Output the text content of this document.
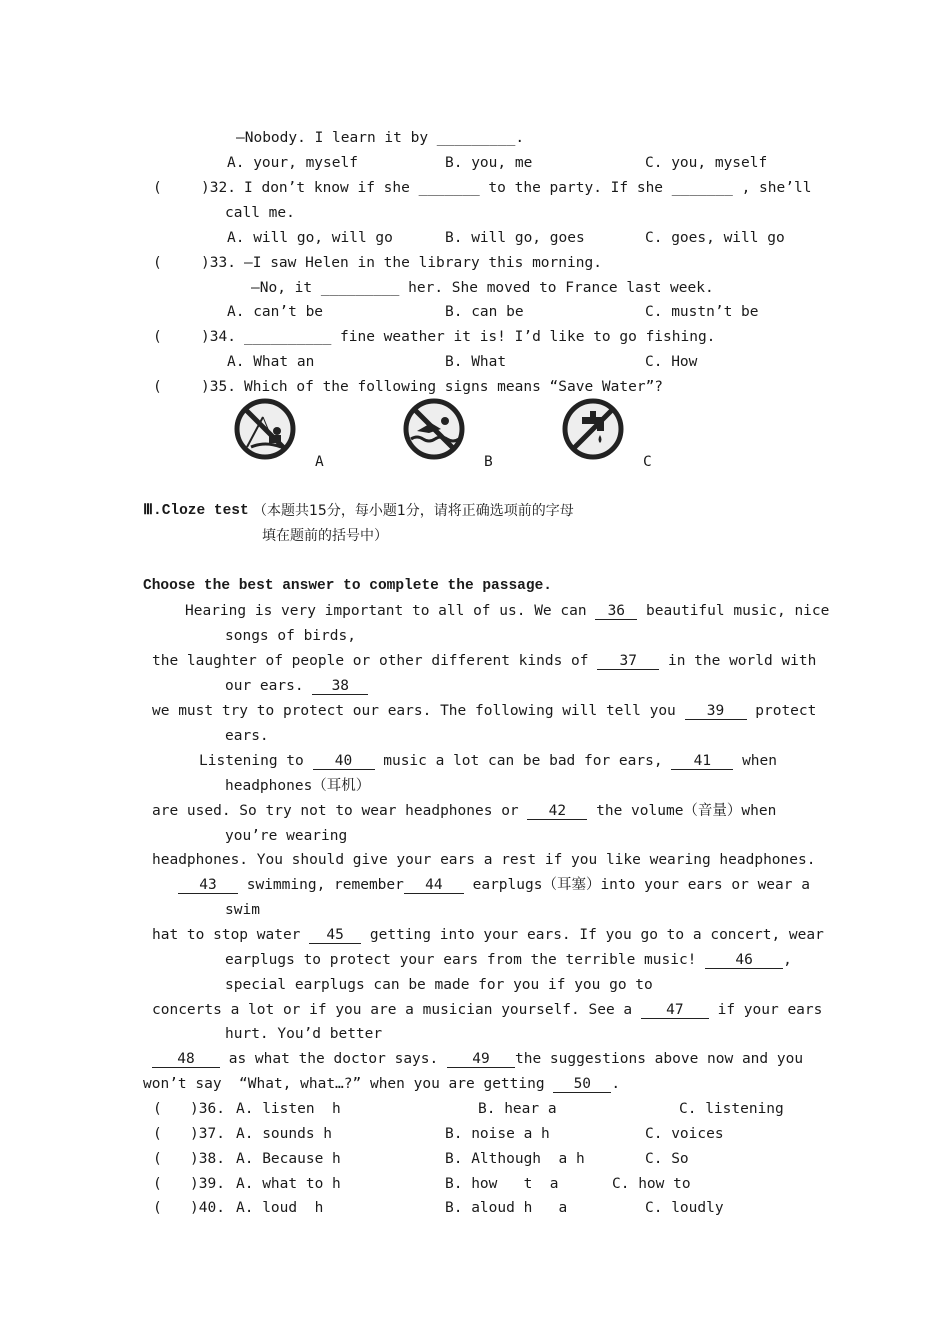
—Nobody. I learn it by _________.
A. your, myself	B. you, me	C. you, myself
(	)32. I don’t know if she _______ to the party. If she _______ , she’ll
call me.
A. will go, will go	B. will go, goes	C. goes, will go
(	)33. —I saw Helen in the library this morning.
—No, it _________ her. She moved to France last week.
A. can’t be	B. can be	C. mustn’t be
(	)34. __________ fine weather it is! I’d like to go fishing.
A. What an	B. What	C. How
(	)35. Which of the following signs means “Save Water”?
A	B	C
Ⅲ.Cloze test （本题共15分，每小题1分，请将正确选项前的字母
填在题前的括号中）
Choose the best answer to complete the passage.
Hearing is very important to all of us. We can 36 beautiful music, nice
songs of birds,
the laughter of people or other different kinds of 37 in the world with
our ears. 38
we must try to protect our ears. The following will tell you 39 protect
ears.
Listening to 40 music a lot can be bad for ears, 41 when
headphones（耳机）
are used. So try not to wear headphones or 42 the volume（音量）when
you’re wearing
headphones. You should give your ears a rest if you like wearing headphones.
43 swimming, remember 44 earplugs（耳塞）into your ears or wear a
swim
hat to stop water 45 getting into your ears. If you go to a concert, wear
earplugs to protect your ears from the terrible music!	46 ,
special earplugs can be made for you if you go to
concerts a lot or if you are a musician yourself. See a 47 if your ears
hurt. You’d better
48 as what the doctor says. 49 the suggestions above now and you
won’t say  “What, what…?” when you are getting 50 .
( )36. A. listen  h	B. hear a	C. listening
( )37. A. sounds h	B. noise a h	C. voices
( )38. A. Because h	B. Although  a h	C. So
( )39. A. what to h	B. how   t  a	C. how to
( )40. A. loud  h	B. aloud h   a	C. loudly
